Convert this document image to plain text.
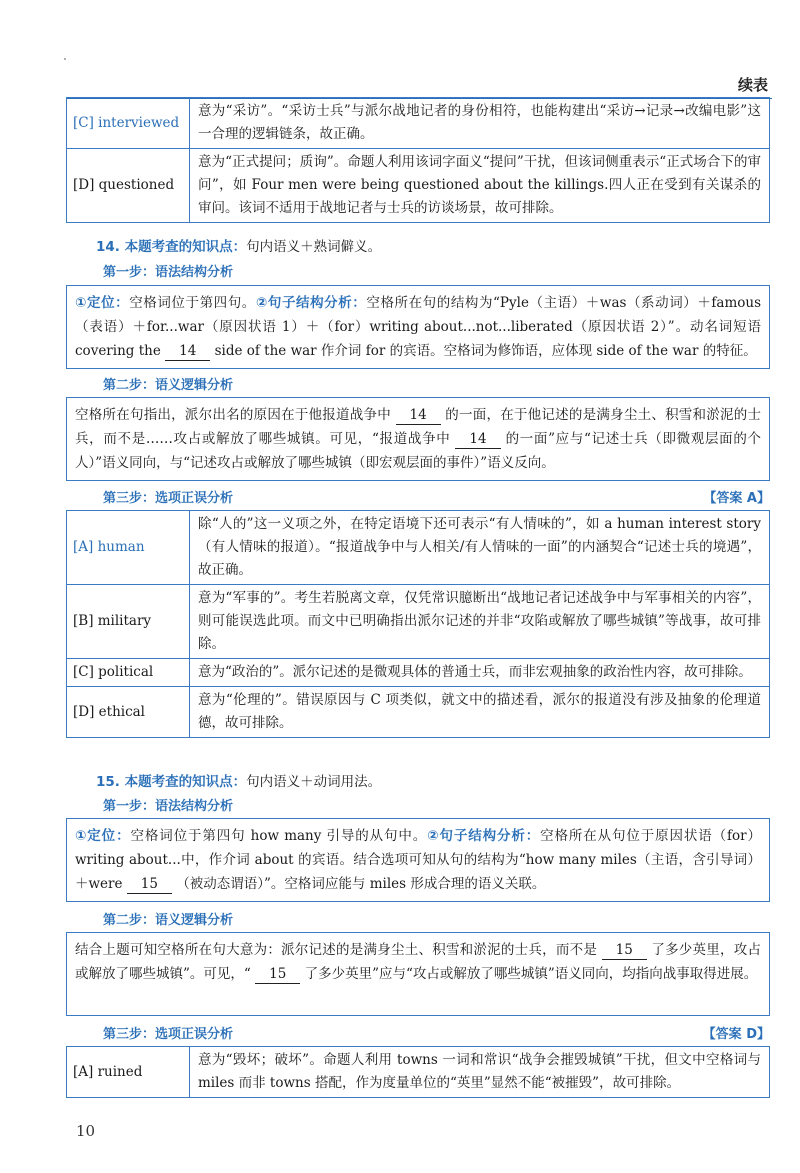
续表
[C] interviewed	意为“采访”。“采访士兵”与派尔战地记者的身份相符，也能构建出“采访→记录→改编电影”这一合理的逻辑链条，故正确。
[D] questioned	意为“正式提问；质询”。命题人利用该词字面义“提问”干扰，但该词侧重表示“正式场合下的审问”，如 Four men were being questioned about the killings.四人正在受到有关谋杀的审问。该词不适用于战地记者与士兵的访谈场景，故可排除。
14. 本题考查的知识点：句内语义＋熟词僻义。
第一步：语法结构分析
①定位：空格词位于第四句。②句子结构分析：空格所在句的结构为“Pyle（主语）＋was（系动词）＋famous（表语）＋for...war（原因状语 1）＋（for）writing about...not...liberated（原因状语 2）”。动名词短语 covering the 14 side of the war 作介词 for 的宾语。空格词为修饰语，应体现 side of the war 的特征。
第二步：语义逻辑分析
空格所在句指出，派尔出名的原因在于他报道战争中 14 的一面，在于他记述的是满身尘土、积雪和淤泥的士兵，而不是……攻占或解放了哪些城镇。可见，“报道战争中 14 的一面”应与“记述士兵（即微观层面的个人）”语义同向，与“记述攻占或解放了哪些城镇（即宏观层面的事件）”语义反向。
第三步：选项正误分析	【答案 A】
[A] human	除“人的”这一义项之外，在特定语境下还可表示“有人情味的”，如 a human interest story（有人情味的报道）。“报道战争中与人相关/有人情味的一面”的内涵契合“记述士兵的境遇”，故正确。
[B] military	意为“军事的”。考生若脱离文章，仅凭常识臆断出“战地记者记述战争中与军事相关的内容”，则可能误选此项。而文中已明确指出派尔记述的并非“攻陷或解放了哪些城镇”等战事，故可排除。
[C] political	意为“政治的”。派尔记述的是微观具体的普通士兵，而非宏观抽象的政治性内容，故可排除。
[D] ethical	意为“伦理的”。错误原因与 C 项类似，就文中的描述看，派尔的报道没有涉及抽象的伦理道德，故可排除。
15. 本题考查的知识点：句内语义＋动词用法。
第一步：语法结构分析
①定位：空格词位于第四句 how many 引导的从句中。②句子结构分析：空格所在从句位于原因状语（for）writing about...中，作介词 about 的宾语。结合选项可知从句的结构为“how many miles（主语，含引导词）＋were 15 （被动态谓语）”。空格词应能与 miles 形成合理的语义关联。
第二步：语义逻辑分析
结合上题可知空格所在句大意为：派尔记述的是满身尘土、积雪和淤泥的士兵，而不是 15 了多少英里，攻占或解放了哪些城镇”。可见，“ 15 了多少英里”应与“攻占或解放了哪些城镇”语义同向，均指向战事取得进展。
第三步：选项正误分析	【答案 D】
[A] ruined	意为“毁坏；破坏”。命题人利用 towns 一词和常识“战争会摧毁城镇”干扰，但文中空格词与 miles 而非 towns 搭配，作为度量单位的“英里”显然不能“被摧毁”，故可排除。
10
